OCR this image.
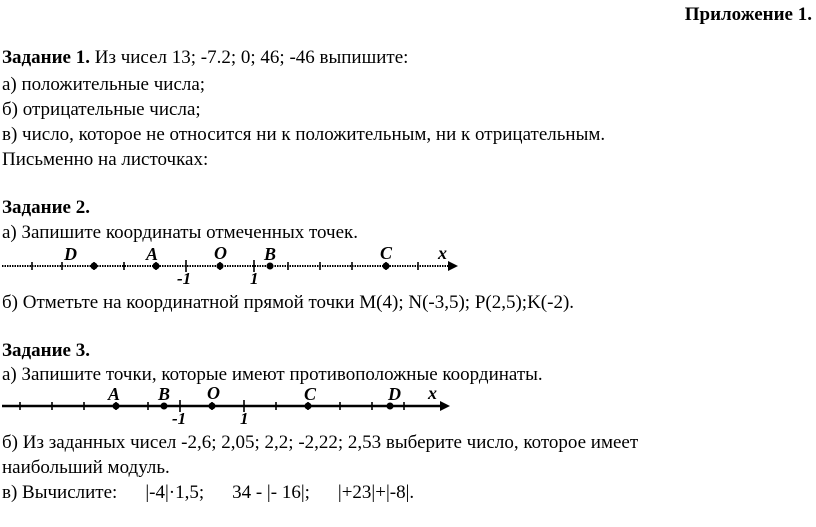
Приложение 1.
Задание 1. Из чисел 13; -7.2; 0; 46; -46 выпишите:
а) положительные числа;
б) отрицательные числа;
в) число, которое не относится ни к положительным, ни к отрицательным.
Письменно на листочках:
Задание 2.
а) Запишите координаты отмеченных точек.
D	A	O B	C	x
-1	1
б) Отметьте на координатной прямой точки М(4); N(-3,5); P(2,5);K(-2).
Задание 3.
а) Запишите точки, которые имеют противоположные координаты.
A B O	C	D x
-1	1
б) Из заданных чисел -2,6; 2,05; 2,2; -2,22; 2,53 выберите число, которое имеет
наибольший модуль.
в) Вычислите: |-4|·1,5; 34 - |- 16|; |+23|+|-8|.
